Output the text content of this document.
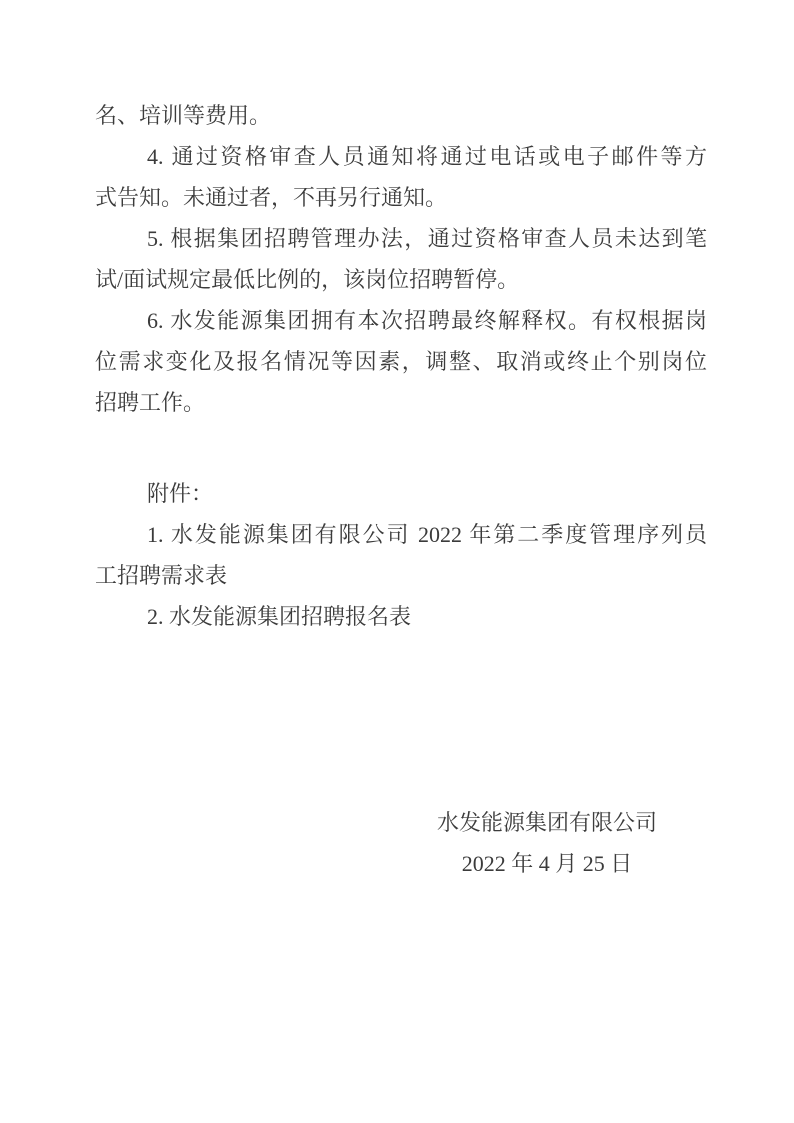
名、培训等费用。

4. 通过资格审查人员通知将通过电话或电子邮件等方

式告知。未通过者，不再另行通知。

5. 根据集团招聘管理办法，通过资格审查人员未达到笔

试/面试规定最低比例的，该岗位招聘暂停。

6. 水发能源集团拥有本次招聘最终解释权。有权根据岗

位需求变化及报名情况等因素，调整、取消或终止个别岗位

招聘工作。

附件：

1. 水发能源集团有限公司 2022 年第二季度管理序列员

工招聘需求表

2. 水发能源集团招聘报名表

水发能源集团有限公司

2022 年 4 月 25 日
